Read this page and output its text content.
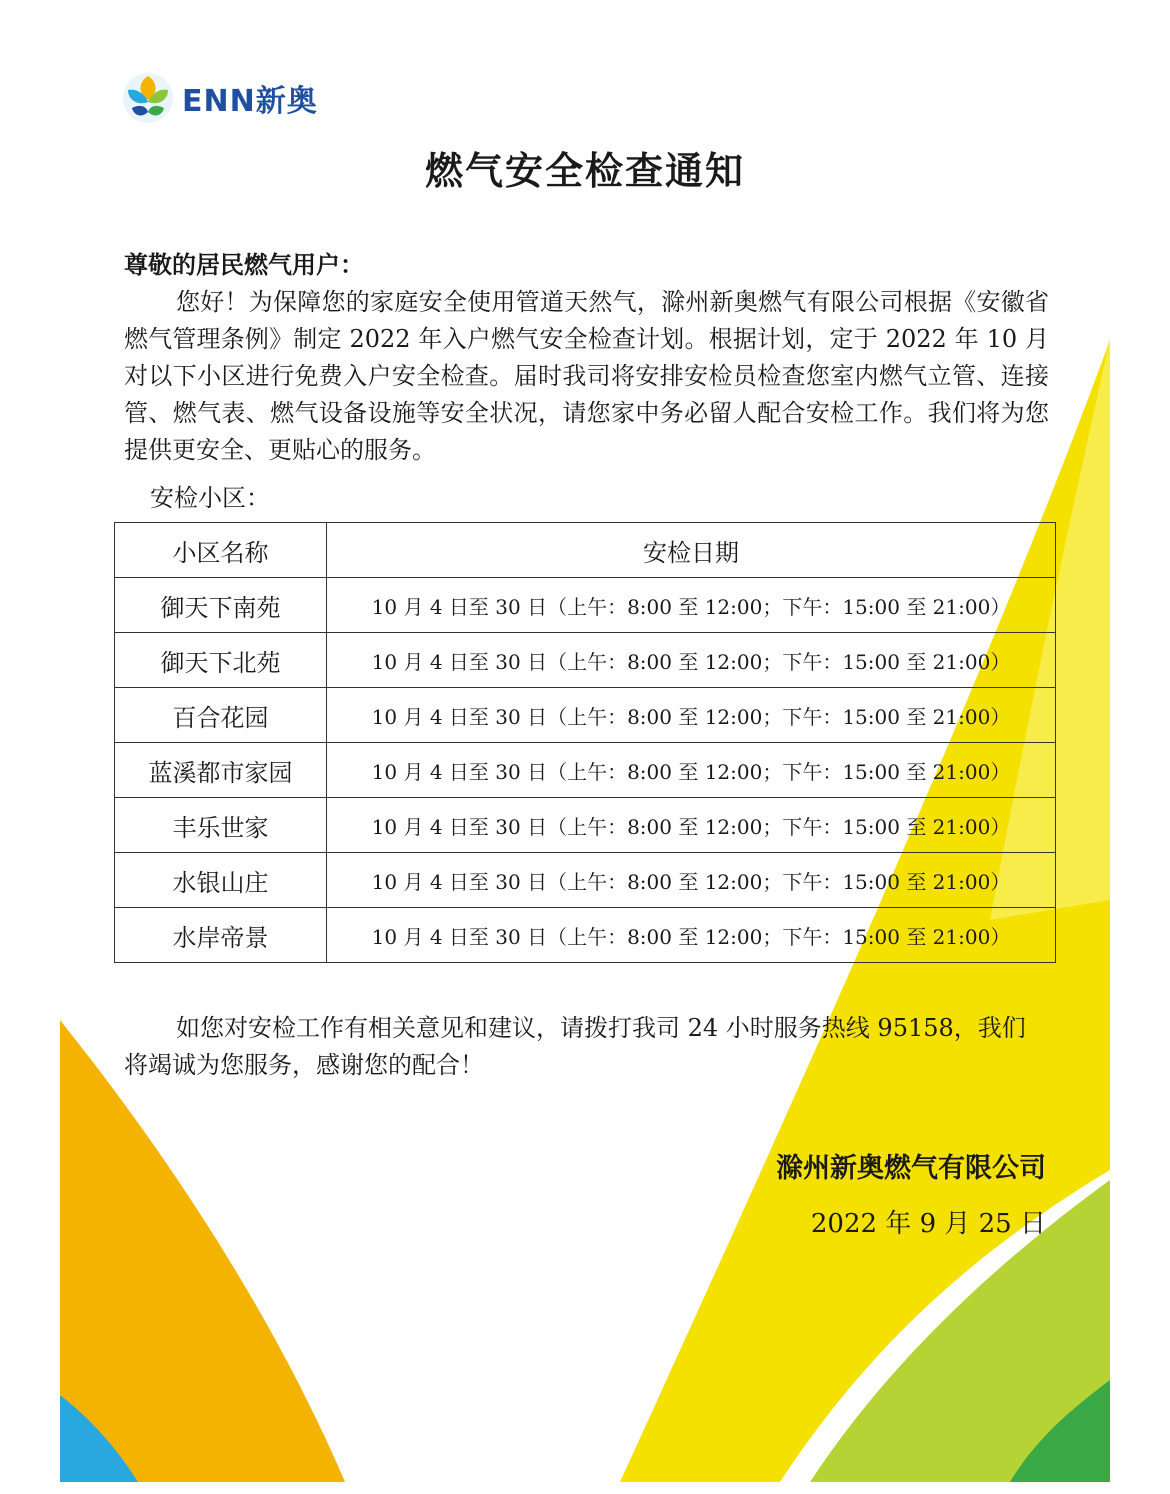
ENN新奥
燃气安全检查通知
尊敬的居民燃气用户：
您好！为保障您的家庭安全使用管道天然气，滁州新奥燃气有限公司根据《安徽省燃气管理条例》制定 2022 年入户燃气安全检查计划。根据计划，定于 2022 年 10 月对以下小区进行免费入户安全检查。届时我司将安排安检员检查您室内燃气立管、连接管、燃气表、燃气设备设施等安全状况，请您家中务必留人配合安检工作。我们将为您提供更安全、更贴心的服务。
安检小区：
小区名称	安检日期
御天下南苑	10 月 4 日至 30 日（上午：8:00 至 12:00；下午：15:00 至 21:00）
御天下北苑	10 月 4 日至 30 日（上午：8:00 至 12:00；下午：15:00 至 21:00）
百合花园	10 月 4 日至 30 日（上午：8:00 至 12:00；下午：15:00 至 21:00）
蓝溪都市家园	10 月 4 日至 30 日（上午：8:00 至 12:00；下午：15:00 至 21:00）
丰乐世家	10 月 4 日至 30 日（上午：8:00 至 12:00；下午：15:00 至 21:00）
水银山庄	10 月 4 日至 30 日（上午：8:00 至 12:00；下午：15:00 至 21:00）
水岸帝景	10 月 4 日至 30 日（上午：8:00 至 12:00；下午：15:00 至 21:00）
如您对安检工作有相关意见和建议，请拨打我司 24 小时服务热线 95158，我们将竭诚为您服务，感谢您的配合！
滁州新奥燃气有限公司
2022 年 9 月 25 日
